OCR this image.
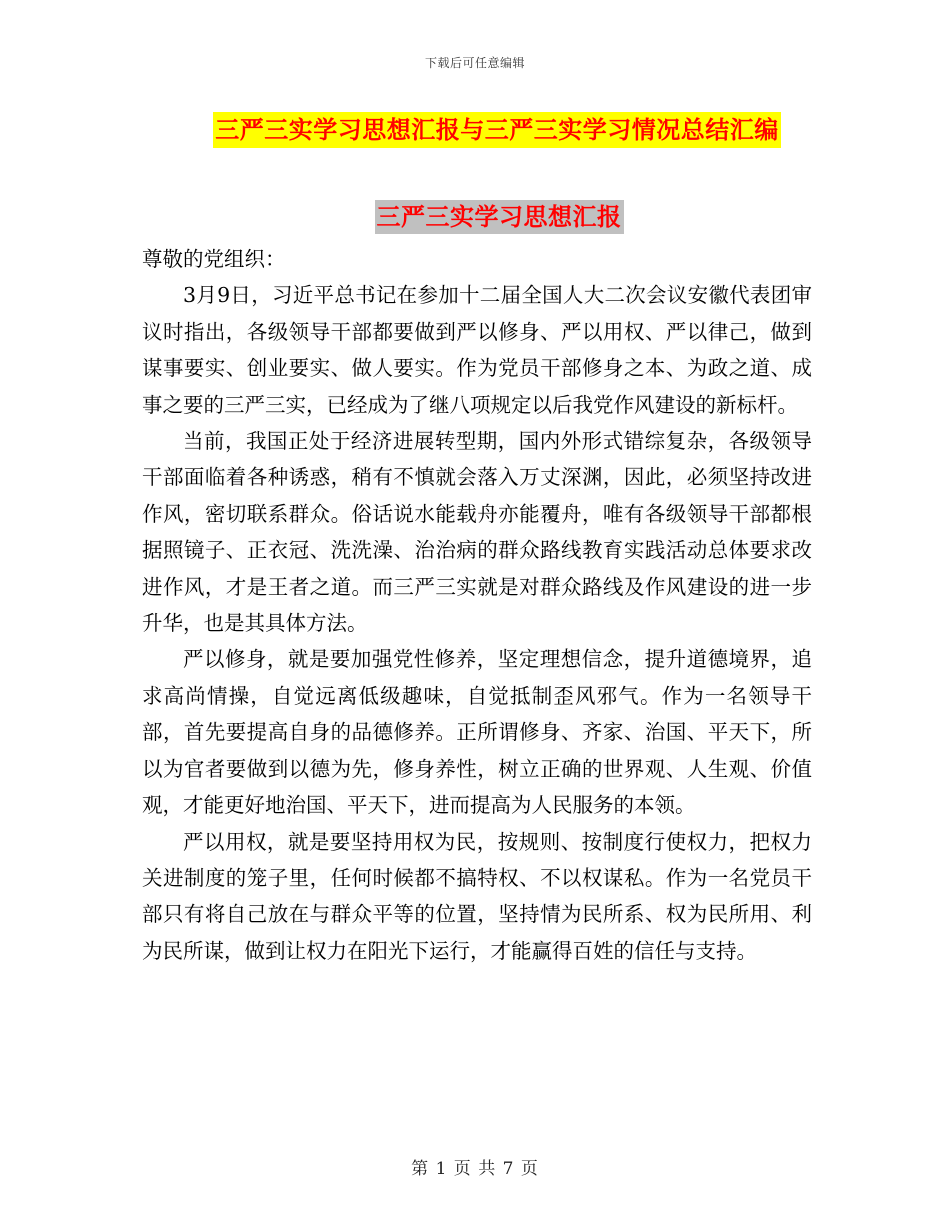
下载后可任意编辑
三严三实学习思想汇报与三严三实学习情况总结汇编
三严三实学习思想汇报

尊敬的党组织：

3月9日，习近平总书记在参加十二届全国人大二次会议安徽代表团审议时指出，各级领导干部都要做到严以修身、严以用权、严以律己，做到谋事要实、创业要实、做人要实。作为党员干部修身之本、为政之道、成事之要的三严三实，已经成为了继八项规定以后我党作风建设的新标杆。

当前，我国正处于经济进展转型期，国内外形式错综复杂，各级领导干部面临着各种诱惑，稍有不慎就会落入万丈深渊，因此，必须坚持改进作风，密切联系群众。俗话说水能载舟亦能覆舟，唯有各级领导干部都根据照镜子、正衣冠、洗洗澡、治治病的群众路线教育实践活动总体要求改进作风，才是王者之道。而三严三实就是对群众路线及作风建设的进一步升华，也是其具体方法。

严以修身，就是要加强党性修养，坚定理想信念，提升道德境界，追求高尚情操，自觉远离低级趣味，自觉抵制歪风邪气。作为一名领导干部，首先要提高自身的品德修养。正所谓修身、齐家、治国、平天下，所以为官者要做到以德为先，修身养性，树立正确的世界观、人生观、价值观，才能更好地治国、平天下，进而提高为人民服务的本领。

严以用权，就是要坚持用权为民，按规则、按制度行使权力，把权力关进制度的笼子里，任何时候都不搞特权、不以权谋私。作为一名党员干部只有将自己放在与群众平等的位置，坚持情为民所系、权为民所用、利为民所谋，做到让权力在阳光下运行，才能赢得百姓的信任与支持。

第 1 页 共 7 页
